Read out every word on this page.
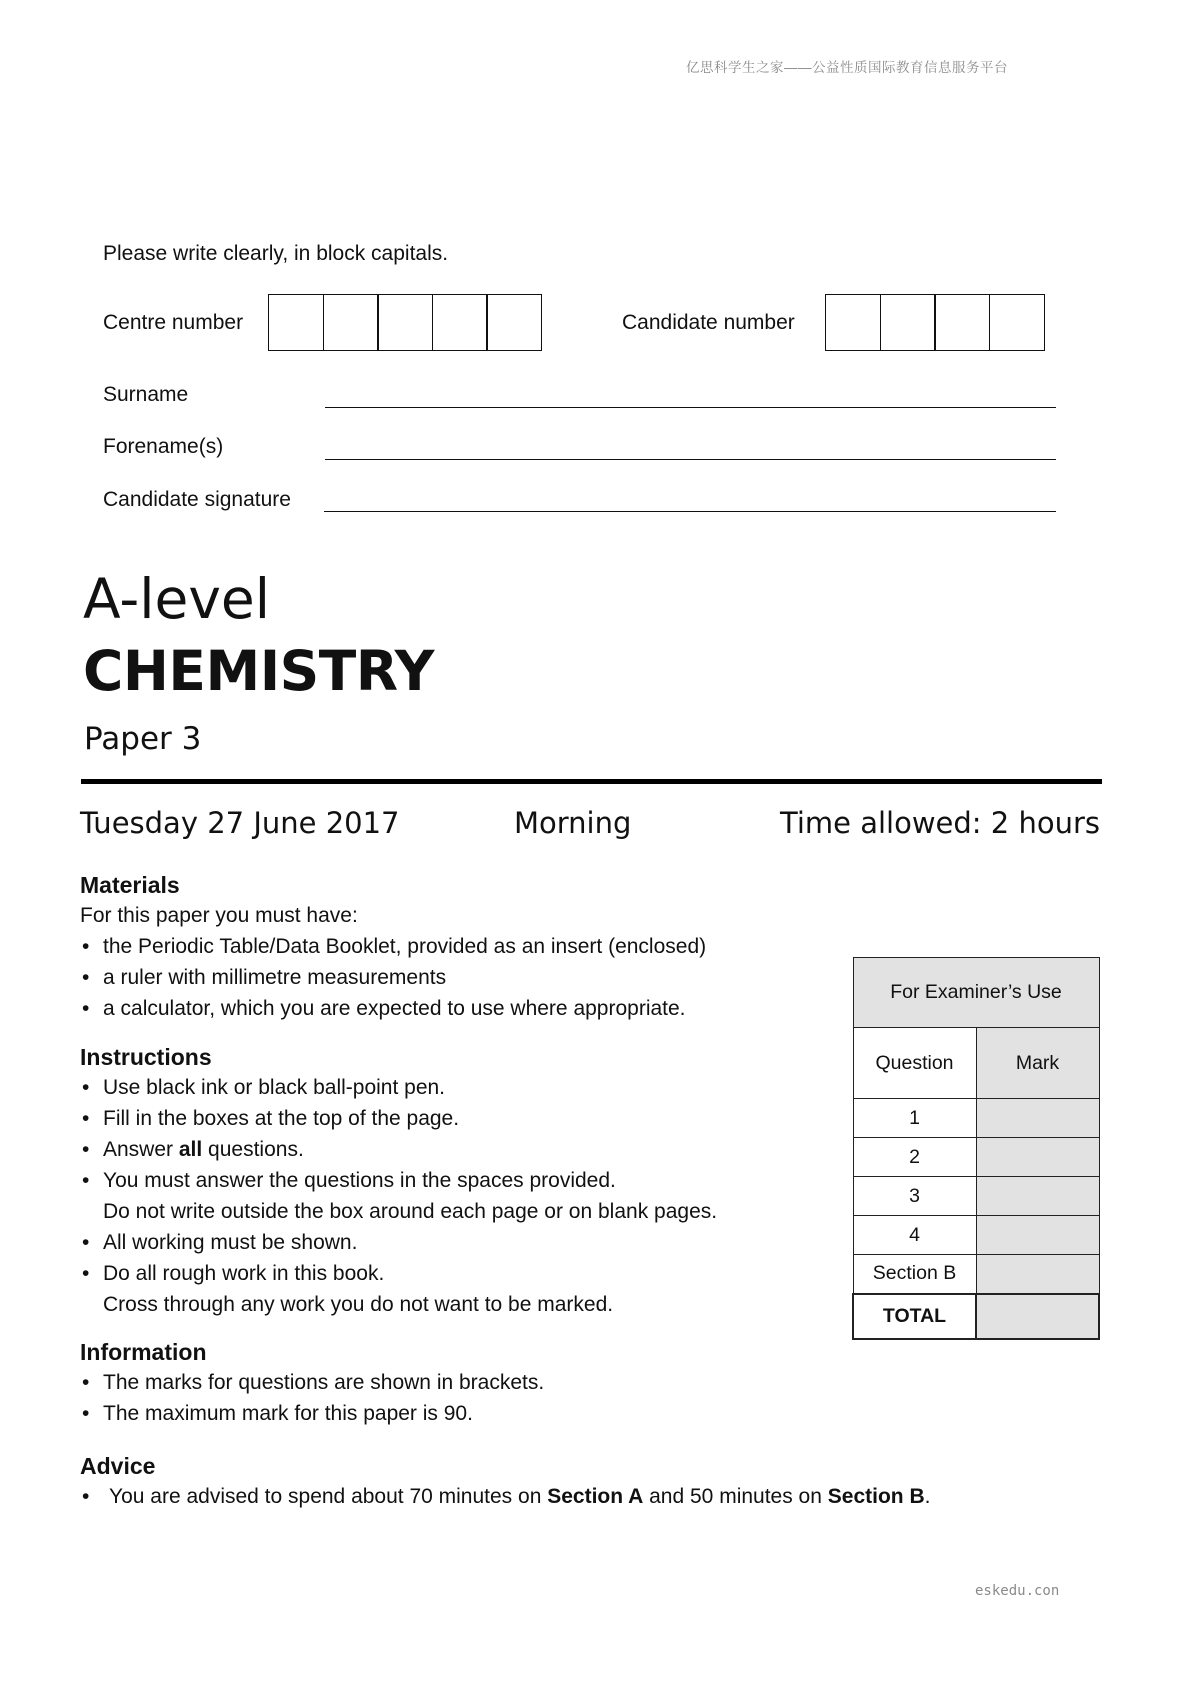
亿思科学生之家——公益性质国际教育信息服务平台
eskedu.con
Please write clearly, in block capitals.
Centre number	Candidate number
Surname
Forename(s)
Candidate signature
A-level
CHEMISTRY
Paper 3
Tuesday 27 June 2017	Morning	Time allowed: 2 hours
Materials
For this paper you must have:
• the Periodic Table/Data Booklet, provided as an insert (enclosed)
• a ruler with millimetre measurements
• a calculator, which you are expected to use where appropriate.
Instructions
• Use black ink or black ball-point pen.
• Fill in the boxes at the top of the page.
• Answer all questions.
• You must answer the questions in the spaces provided.
Do not write outside the box around each page or on blank pages.
• All working must be shown.
• Do all rough work in this book.
Cross through any work you do not want to be marked.
Information
• The marks for questions are shown in brackets.
• The maximum mark for this paper is 90.
Advice
• You are advised to spend about 70 minutes on Section A and 50 minutes on Section B.
For Examiner’s Use	
Question	Mark
1	
2	
3	
4	
Section B	
TOTAL	
